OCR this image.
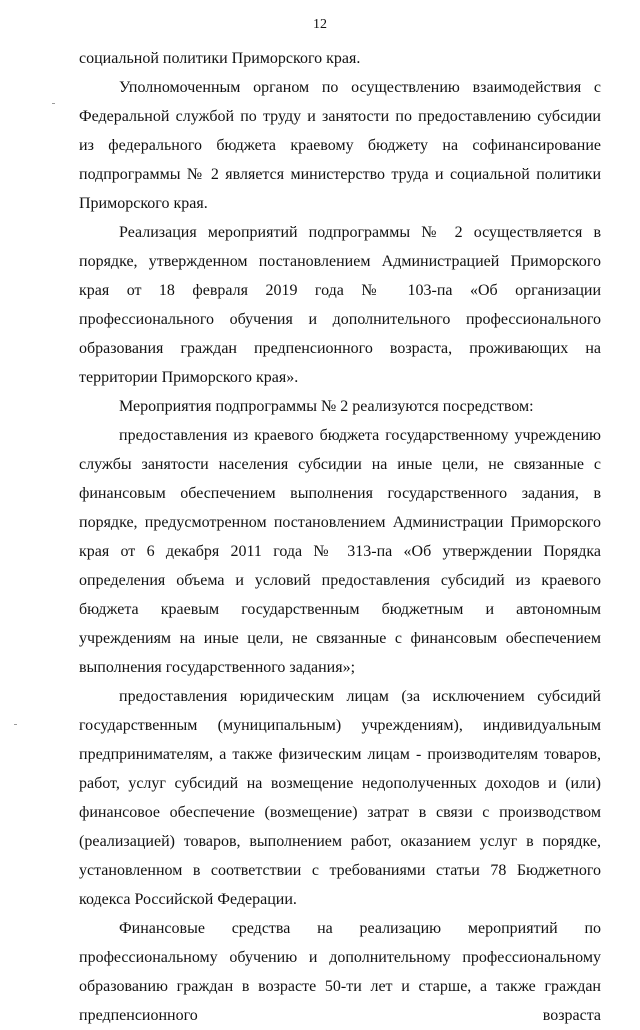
12

социальной политики Приморского края.

Уполномоченным органом по осуществлению взаимодействия с Федеральной службой по труду и занятости по предоставлению субсидии из федерального бюджета краевому бюджету на софинансирование подпрограммы № 2 является министерство труда и социальной политики Приморского края.

Реализация мероприятий подпрограммы № 2 осуществляется в порядке, утвержденном постановлением Администрацией Приморского края от 18 февраля 2019 года № 103-па «Об организации профессионального обучения и дополнительного профессионального образования граждан предпенсионного возраста, проживающих на территории Приморского края».

Мероприятия подпрограммы № 2 реализуются посредством:

предоставления из краевого бюджета государственному учреждению службы занятости населения субсидии на иные цели, не связанные с финансовым обеспечением выполнения государственного задания, в порядке, предусмотренном постановлением Администрации Приморского края от 6 декабря 2011 года № 313-па «Об утверждении Порядка определения объема и условий предоставления субсидий из краевого бюджета краевым государственным бюджетным и автономным учреждениям на иные цели, не связанные с финансовым обеспечением выполнения государственного задания»;

предоставления юридическим лицам (за исключением субсидий государственным (муниципальным) учреждениям), индивидуальным предпринимателям, а также физическим лицам - производителям товаров, работ, услуг субсидий на возмещение недополученных доходов и (или) финансовое обеспечение (возмещение) затрат в связи с производством (реализацией) товаров, выполнением работ, оказанием услуг в порядке, установленном в соответствии с требованиями статьи 78 Бюджетного кодекса Российской Федерации.

Финансовые средства на реализацию мероприятий по профессиональному обучению и дополнительному профессиональному образованию граждан в возрасте 50-ти лет и старше, а также граждан предпенсионного возраста
